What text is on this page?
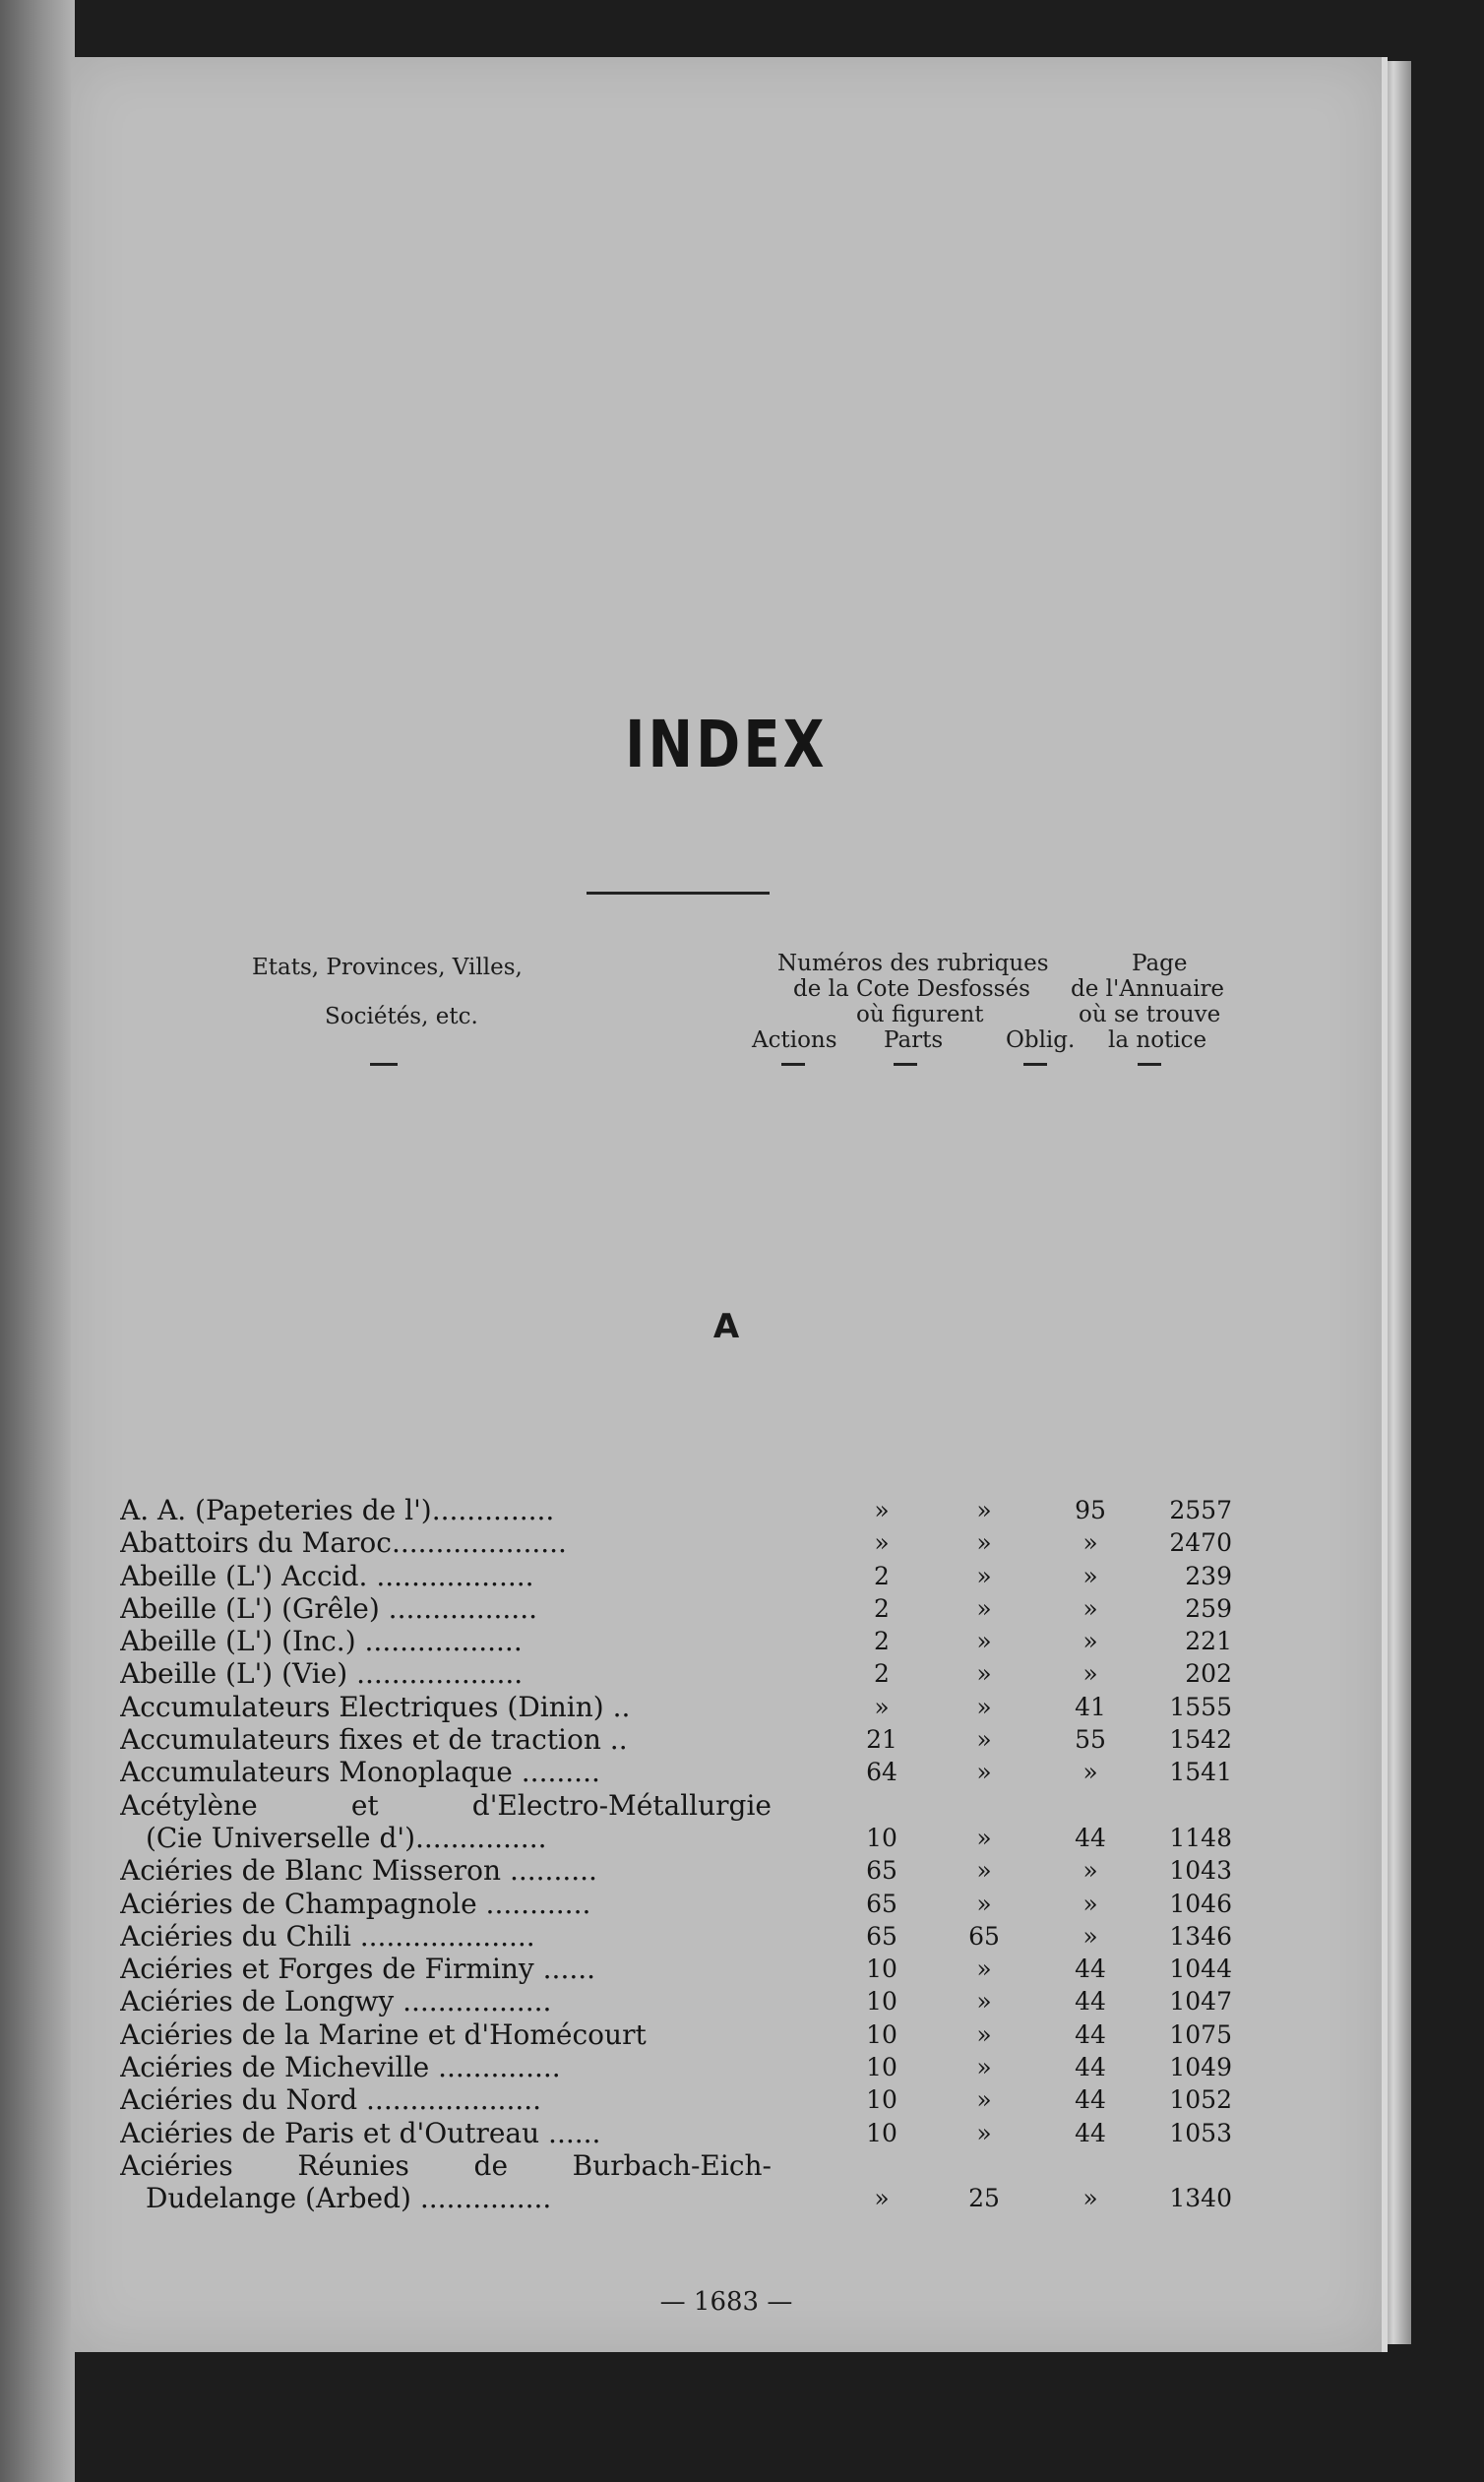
INDEX
Etats, Provinces, Villes,
Sociétés, etc.
Numéros des rubriques
de la Cote Desfossés
où figurent
Page
de l'Annuaire
où se trouve
la notice
Actions Parts	Oblig.
A
A. A. (Papeteries de l')..............	»	»	95	2557
Abattoirs du Maroc....................	»	»	»	2470
Abeille (L') Accid. ..................	2	»	»	239
Abeille (L') (Grêle) .................	2	»	»	259
Abeille (L') (Inc.) ..................	2	»	»	221
Abeille (L') (Vie) ...................	2	»	»	202
Accumulateurs Electriques (Dinin) ..	»	»	41	1555
Accumulateurs fixes et de traction ..	21	»	55	1542
Accumulateurs Monoplaque .........	64	»	»	1541
Acétylène et d'Electro-Métallurgie
(Cie Universelle d')...............	10	»	44	1148
Aciéries de Blanc Misseron ..........	65	»	»	1043
Aciéries de Champagnole ............	65	»	»	1046
Aciéries du Chili ....................	65	65	»	1346
Aciéries et Forges de Firminy ......	10	»	44	1044
Aciéries de Longwy .................	10	»	44	1047
Aciéries de la Marine et d'Homécourt	10	»	44	1075
Aciéries de Micheville ..............	10	»	44	1049
Aciéries du Nord ....................	10	»	44	1052
Aciéries de Paris et d'Outreau ......	10	»	44	1053
Aciéries Réunies de Burbach-Eich-
Dudelange (Arbed) ...............	»	25	»	1340
— 1683 —
